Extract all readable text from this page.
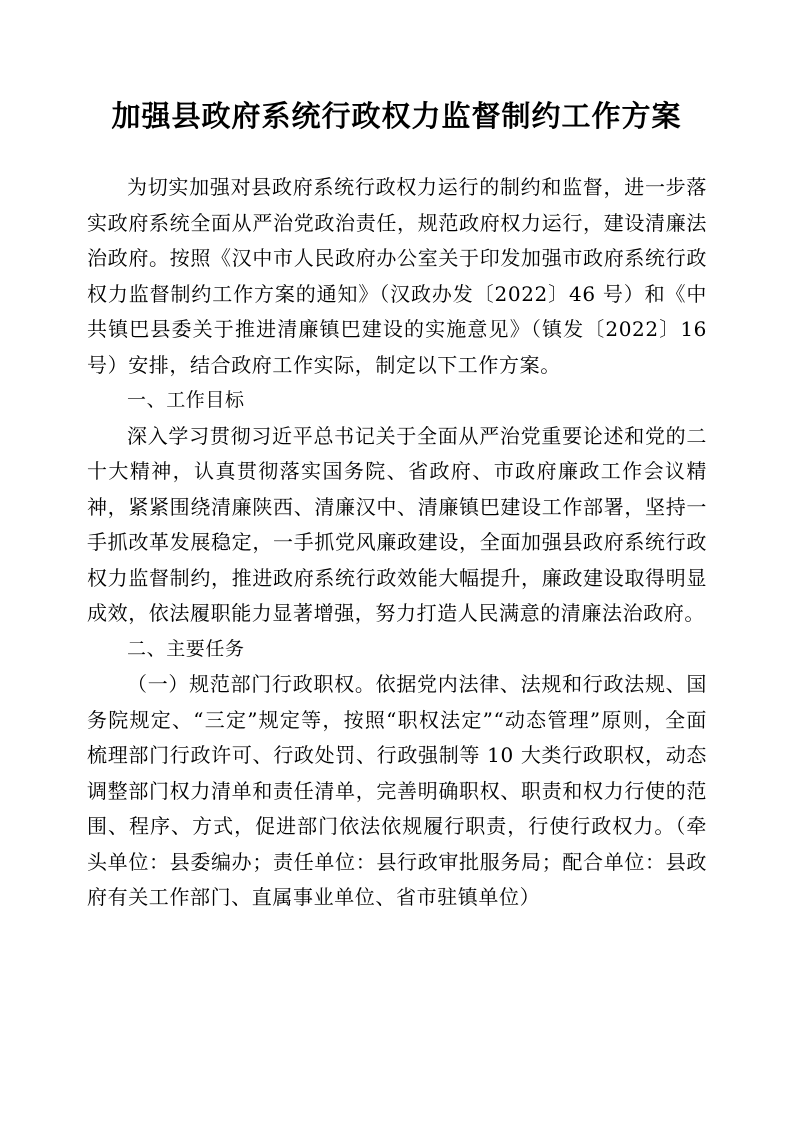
加强县政府系统行政权力监督制约工作方案

为切实加强对县政府系统行政权力运行的制约和监督，进一步落实政府系统全面从严治党政治责任，规范政府权力运行，建设清廉法治政府。按照《汉中市人民政府办公室关于印发加强市政府系统行政权力监督制约工作方案的通知》（汉政办发〔2022〕46 号）和《中共镇巴县委关于推进清廉镇巴建设的实施意见》（镇发〔2022〕16 号）安排，结合政府工作实际，制定以下工作方案。

一、工作目标

深入学习贯彻习近平总书记关于全面从严治党重要论述和党的二十大精神，认真贯彻落实国务院、省政府、市政府廉政工作会议精神，紧紧围绕清廉陕西、清廉汉中、清廉镇巴建设工作部署，坚持一手抓改革发展稳定，一手抓党风廉政建设，全面加强县政府系统行政权力监督制约，推进政府系统行政效能大幅提升，廉政建设取得明显成效，依法履职能力显著增强，努力打造人民满意的清廉法治政府。

二、主要任务

（一）规范部门行政职权。依据党内法律、法规和行政法规、国务院规定、“三定”规定等，按照“职权法定”“动态管理”原则，全面梳理部门行政许可、行政处罚、行政强制等 10 大类行政职权，动态调整部门权力清单和责任清单，完善明确职权、职责和权力行使的范围、程序、方式，促进部门依法依规履行职责，行使行政权力。（牵头单位：县委编办；责任单位：县行政审批服务局；配合单位：县政府有关工作部门、直属事业单位、省市驻镇单位）
